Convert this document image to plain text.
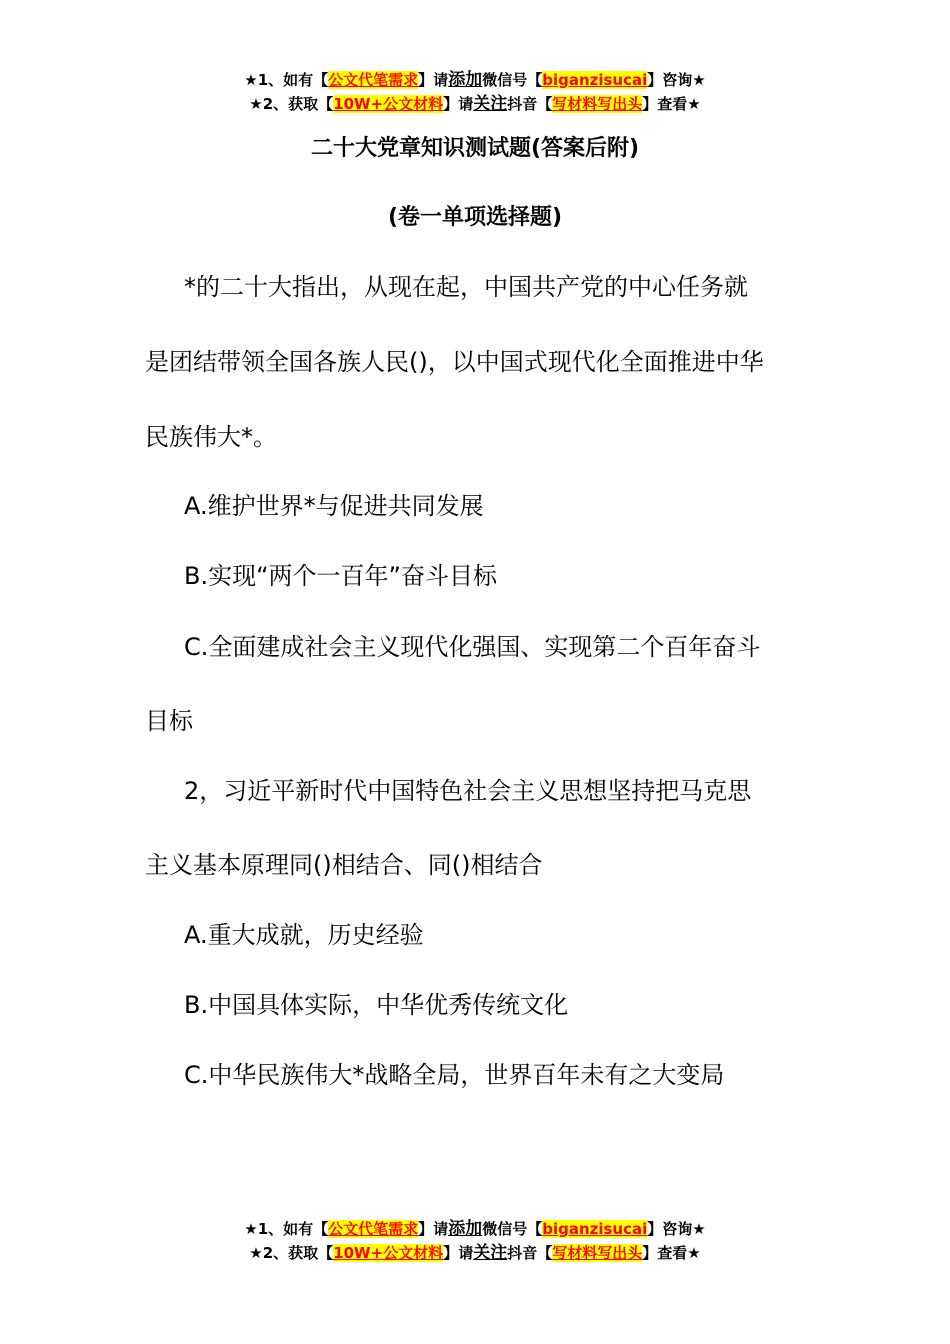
★1、如有【公文代笔需求】请添加微信号【biganzisucai】咨询★
★2、获取【10W+公文材料】请关注抖音【写材料写出头】查看★
二十大党章知识测试题(答案后附)
(卷一单项选择题)
*的二十大指出，从现在起，中国共产党的中心任务就
是团结带领全国各族人民()，以中国式现代化全面推进中华
民族伟大*。
A.维护世界*与促进共同发展
B.实现“两个一百年”奋斗目标
C.全面建成社会主义现代化强国、实现第二个百年奋斗
目标
2，习近平新时代中国特色社会主义思想坚持把马克思
主义基本原理同()相结合、同()相结合
A.重大成就，历史经验
B.中国具体实际，中华优秀传统文化
C.中华民族伟大*战略全局，世界百年未有之大变局
★1、如有【公文代笔需求】请添加微信号【biganzisucai】咨询★
★2、获取【10W+公文材料】请关注抖音【写材料写出头】查看★
